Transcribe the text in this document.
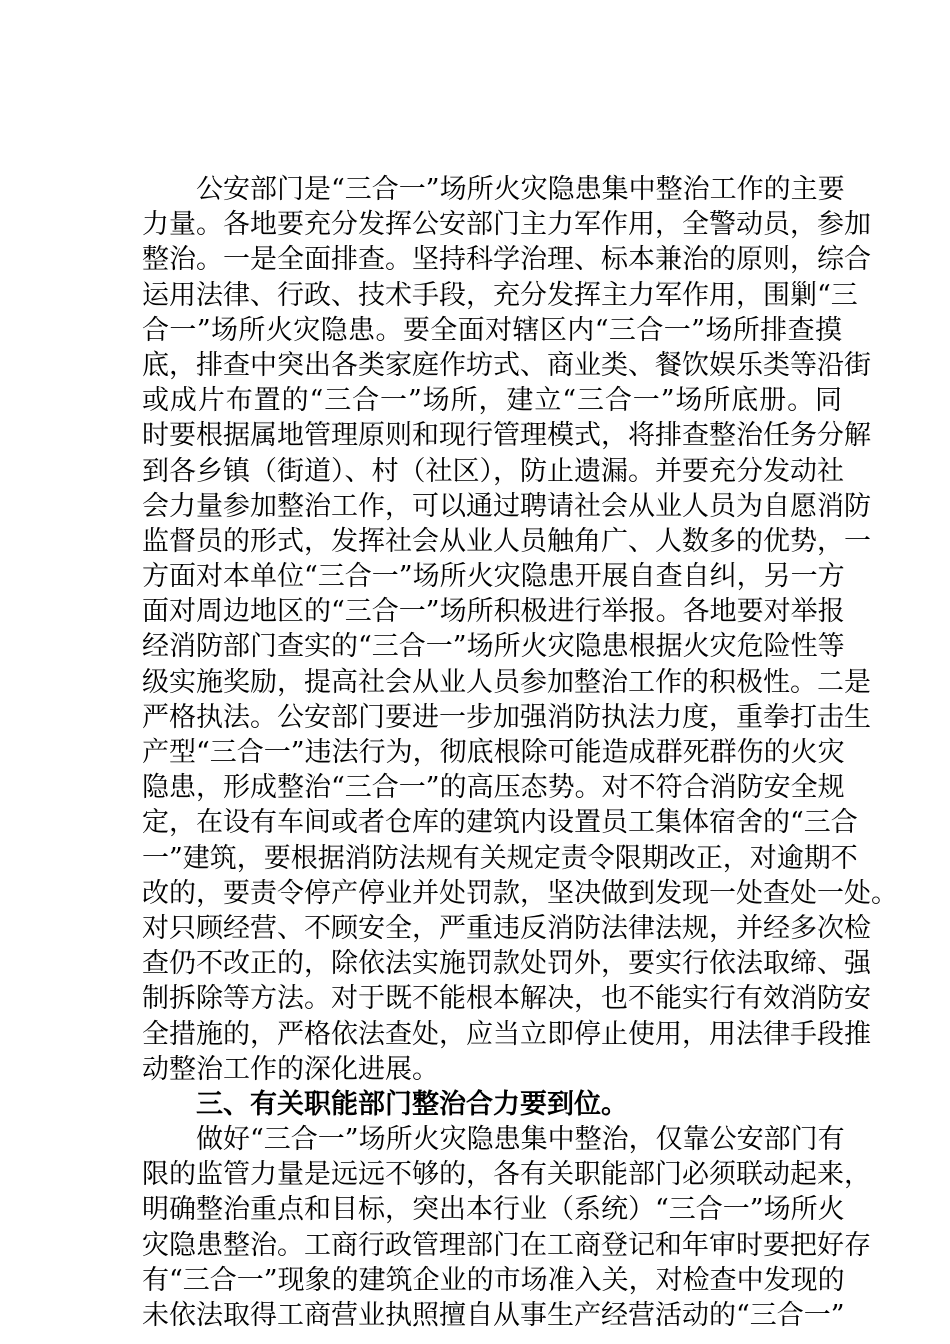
公安部门是“三合一”场所火灾隐患集中整治工作的主要
力量。各地要充分发挥公安部门主力军作用，全警动员，参加
整治。一是全面排查。坚持科学治理、标本兼治的原则，综合
运用法律、行政、技术手段，充分发挥主力军作用，围剿“三
合一”场所火灾隐患。要全面对辖区内“三合一”场所排查摸
底，排查中突出各类家庭作坊式、商业类、餐饮娱乐类等沿街
或成片布置的“三合一”场所，建立“三合一”场所底册。同
时要根据属地管理原则和现行管理模式，将排查整治任务分解
到各乡镇（街道）、村（社区），防止遗漏。并要充分发动社
会力量参加整治工作，可以通过聘请社会从业人员为自愿消防
监督员的形式，发挥社会从业人员触角广、人数多的优势，一
方面对本单位“三合一”场所火灾隐患开展自查自纠，另一方
面对周边地区的“三合一”场所积极进行举报。各地要对举报
经消防部门查实的“三合一”场所火灾隐患根据火灾危险性等
级实施奖励，提高社会从业人员参加整治工作的积极性。二是
严格执法。公安部门要进一步加强消防执法力度，重拳打击生
产型“三合一”违法行为，彻底根除可能造成群死群伤的火灾
隐患，形成整治“三合一”的高压态势。对不符合消防安全规
定，在设有车间或者仓库的建筑内设置员工集体宿舍的“三合
一”建筑，要根据消防法规有关规定责令限期改正，对逾期不
改的，要责令停产停业并处罚款，坚决做到发现一处查处一处。
对只顾经营、不顾安全，严重违反消防法律法规，并经多次检
查仍不改正的，除依法实施罚款处罚外，要实行依法取缔、强
制拆除等方法。对于既不能根本解决，也不能实行有效消防安
全措施的，严格依法查处，应当立即停止使用，用法律手段推
动整治工作的深化进展。
三、有关职能部门整治合力要到位。
做好“三合一”场所火灾隐患集中整治，仅靠公安部门有
限的监管力量是远远不够的，各有关职能部门必须联动起来，
明确整治重点和目标，突出本行业（系统）“三合一”场所火
灾隐患整治。工商行政管理部门在工商登记和年审时要把好存
有“三合一”现象的建筑企业的市场准入关，对检查中发现的
未依法取得工商营业执照擅自从事生产经营活动的“三合一”
